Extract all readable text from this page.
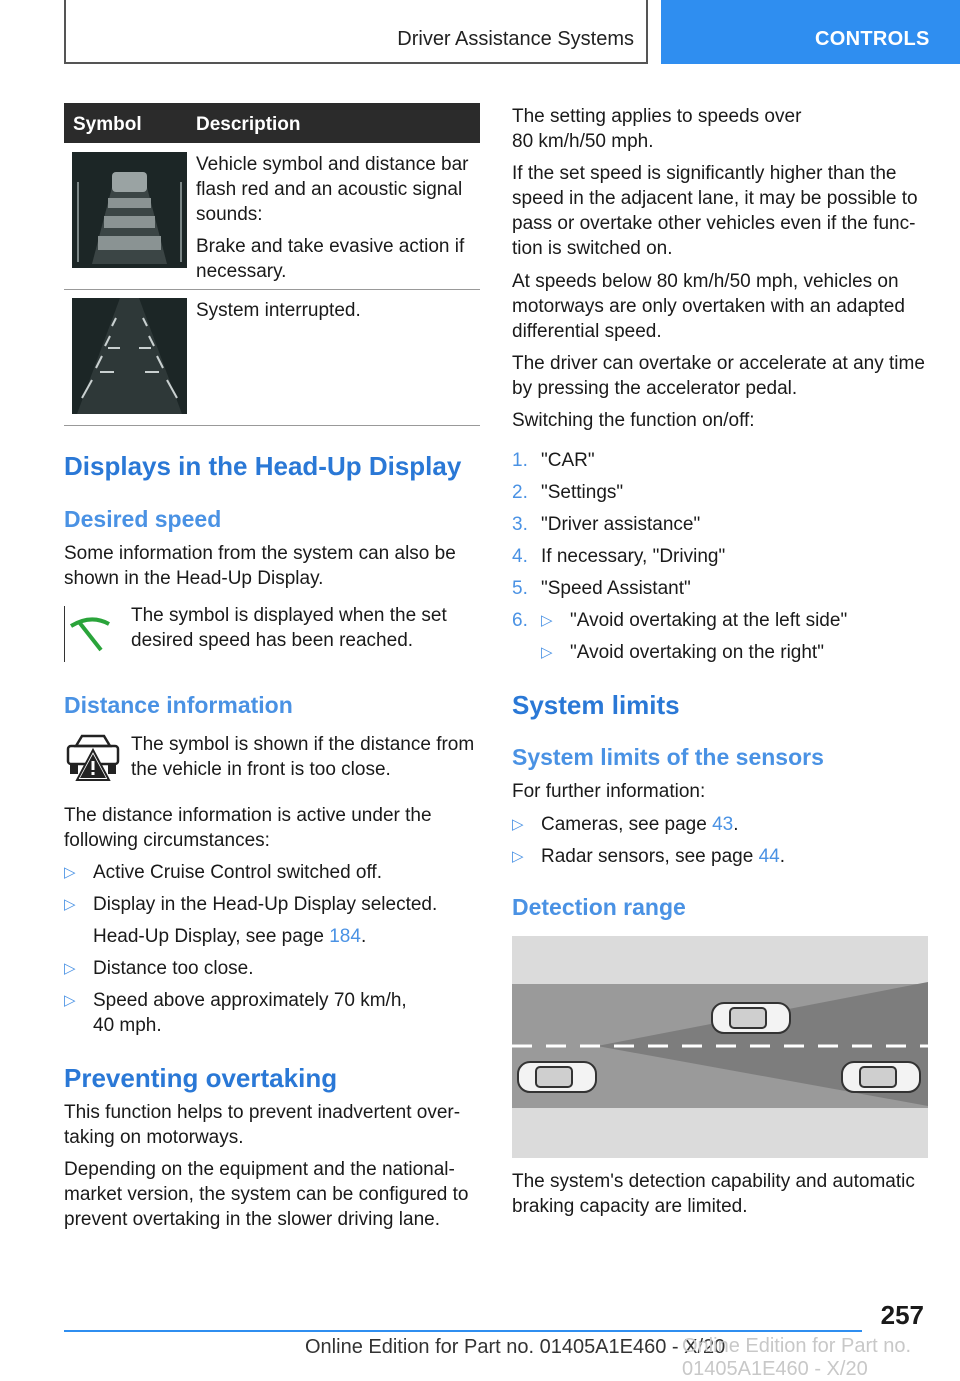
Driver Assistance Systems	CONTROLS
Symbol	Description

Vehicle symbol and distance bar flash red and an acoustic signal sounds:

Brake and take evasive action if necessary.

System interrupted.

Displays in the Head-Up Display
Desired speed

Some information from the system can also be shown in the Head-Up Display.

The symbol is displayed when the set desired speed has been reached.

Distance information

The symbol is shown if the distance from the vehicle in front is too close.

The distance information is active under the following circumstances:

▷ Active Cruise Control switched off.
▷ Display in the Head-Up Display selected.
Head-Up Display, see page 184.
▷ Distance too close.
▷ Speed above approximately 70 km/h, 40 mph.
Preventing overtaking

This function helps to prevent inadvertent over-taking on motorways.

Depending on the equipment and the national-market version, the system can be configured to prevent overtaking in the slower driving lane.

The setting applies to speeds over 80 km/h/50 mph.

If the set speed is significantly higher than the speed in the adjacent lane, it may be possible to pass or overtake other vehicles even if the func-tion is switched on.

At speeds below 80 km/h/50 mph, vehicles on motorways are only overtaken with an adapted differential speed.

The driver can overtake or accelerate at any time by pressing the accelerator pedal.

Switching the function on/off:

1. "CAR"
2. "Settings"
3. "Driver assistance"
4. If necessary, "Driving"
5. "Speed Assistant"
6. ▷ "Avoid overtaking at the left side"
▷ "Avoid overtaking on the right"
System limits
System limits of the sensors

For further information:

▷ Cameras, see page 43.
▷ Radar sensors, see page 44.
Detection range

The system's detection capability and automatic braking capacity are limited.

257
Online Edition for Part no. 01405A1E460 - X/20
Online Edition for Part no. 01405A1E460 - X/20
